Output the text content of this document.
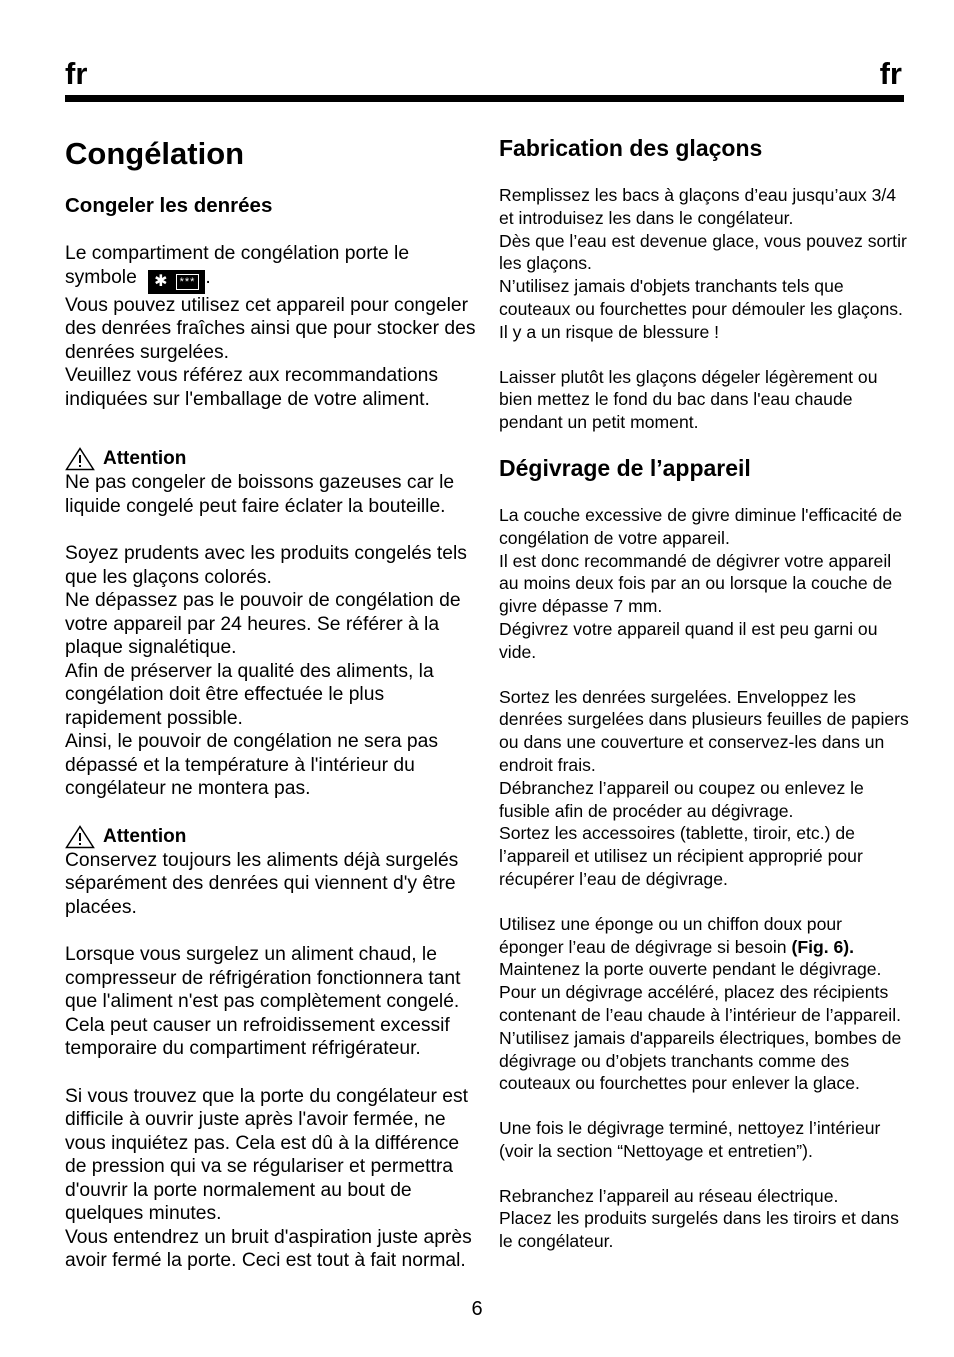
fr	fr
Congélation
Congeler les denrées

Le compartiment de congélation porte le
symbole ✱	*** .

Vous pouvez utilisez cet appareil pour congeler des denrées fraîches ainsi que pour stocker des denrées surgelées.

Veuillez vous référez aux recommandations indiquées sur l'emballage de votre aliment.

Attention

Ne pas congeler de boissons gazeuses car le liquide congelé peut faire éclater la bouteille.

Soyez prudents avec les produits congelés tels que les glaçons colorés.

Ne dépassez pas le pouvoir de congélation de votre appareil par 24 heures. Se référer à la plaque signalétique.

Afin de préserver la qualité des aliments, la congélation doit être effectuée le plus rapidement possible.

Ainsi, le pouvoir de congélation ne sera pas dépassé et la température à l'intérieur du congélateur ne montera pas.

Attention

Conservez toujours les aliments déjà surgelés séparément des denrées qui viennent d'y être placées.

Lorsque vous surgelez un aliment chaud, le compresseur de réfrigération fonctionnera tant que l'aliment n'est pas complètement congelé. Cela peut causer un refroidissement excessif temporaire du compartiment réfrigérateur.

Si vous trouvez que la porte du congélateur est difficile à ouvrir juste après l'avoir fermée, ne vous inquiétez pas. Cela est dû à la différence de pression qui va se régulariser et permettra d'ouvrir la porte normalement au bout de quelques minutes.

Vous entendrez un bruit d'aspiration juste après avoir fermé la porte. Ceci est tout à fait normal.

Fabrication des glaçons

Remplissez les bacs à glaçons d’eau jusqu’aux 3/4 et introduisez les dans le congélateur.

Dès que l’eau est devenue glace, vous pouvez sortir les glaçons.

N’utilisez jamais d'objets tranchants tels que couteaux ou fourchettes pour démouler les glaçons. Il y a un risque de blessure !

Laisser plutôt les glaçons dégeler légèrement ou bien mettez le fond du bac dans l'eau chaude pendant un petit moment.

Dégivrage de l’appareil

La couche excessive de givre diminue l'efficacité de congélation de votre appareil.

Il est donc recommandé de dégivrer votre appareil au moins deux fois par an ou lorsque la couche de givre dépasse 7 mm.

Dégivrez votre appareil quand il est peu garni ou vide.

Sortez les denrées surgelées. Enveloppez les denrées surgelées dans plusieurs feuilles de papiers ou dans une couverture et conservez-les dans un endroit frais.

Débranchez l’appareil ou coupez ou enlevez le fusible afin de procéder au dégivrage.

Sortez les accessoires (tablette, tiroir, etc.) de l’appareil et utilisez un récipient approprié pour récupérer l’eau de dégivrage.

Utilisez une éponge ou un chiffon doux pour éponger l’eau de dégivrage si besoin (Fig. 6).

Maintenez la porte ouverte pendant le dégivrage.

Pour un dégivrage accéléré, placez des récipients contenant de l’eau chaude à l’intérieur de l’appareil.

N’utilisez jamais d'appareils électriques, bombes de dégivrage ou d’objets tranchants comme des couteaux ou fourchettes pour enlever la glace.

Une fois le dégivrage terminé, nettoyez l’intérieur (voir la section “Nettoyage et entretien”).

Rebranchez l’appareil au réseau électrique.

Placez les produits surgelés dans les tiroirs et dans le congélateur.

6
